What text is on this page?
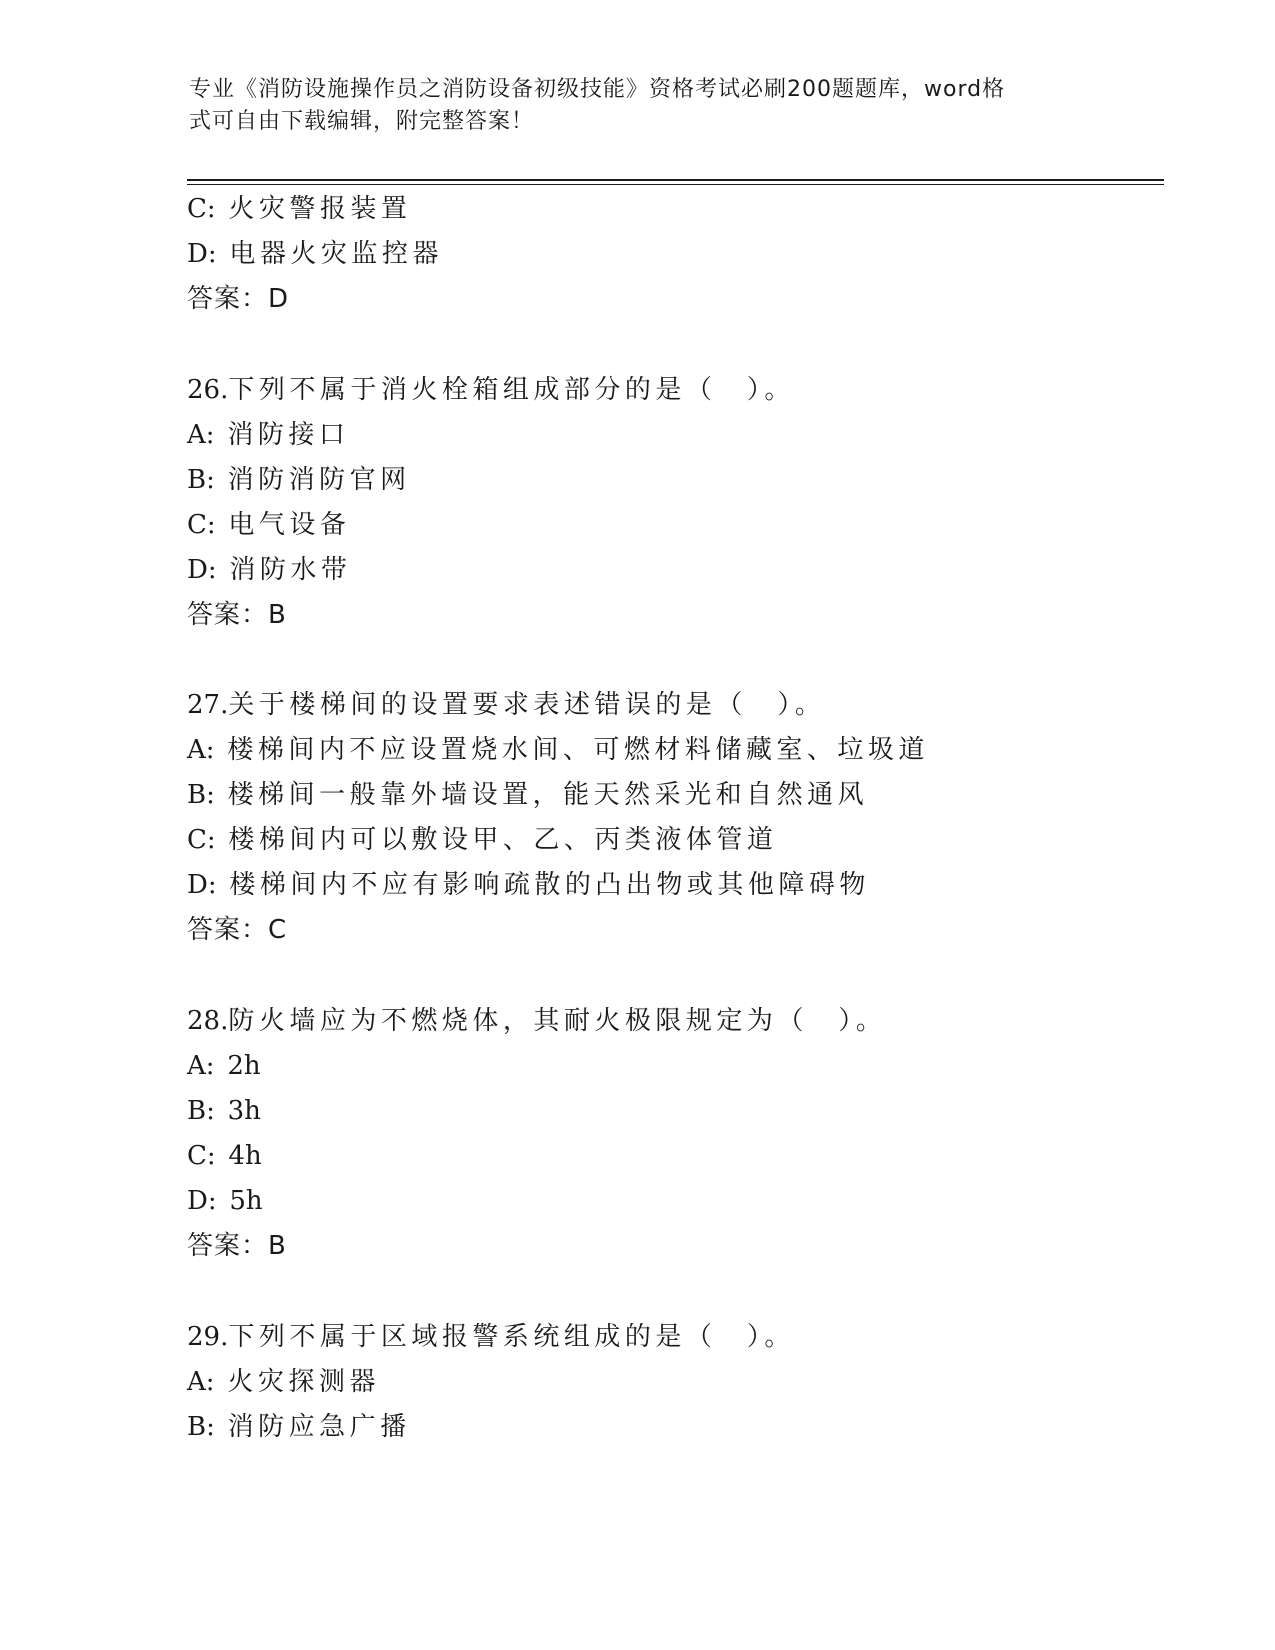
专业《消防设施操作员之消防设备初级技能》资格考试必刷200题题库，word格
式可自由下载编辑，附完整答案！
C: 火灾警报装置
D: 电器火灾监控器
答案：D
26.下列不属于消火栓箱组成部分的是（　）。
A: 消防接口
B: 消防消防官网
C: 电气设备
D: 消防水带
答案：B
27.关于楼梯间的设置要求表述错误的是（　）。
A: 楼梯间内不应设置烧水间、可燃材料储藏室、垃圾道
B: 楼梯间一般靠外墙设置，能天然采光和自然通风
C: 楼梯间内可以敷设甲、乙、丙类液体管道
D: 楼梯间内不应有影响疏散的凸出物或其他障碍物
答案：C
28.防火墙应为不燃烧体，其耐火极限规定为（　）。
A: 2h
B: 3h
C: 4h
D: 5h
答案：B
29.下列不属于区域报警系统组成的是（　）。
A: 火灾探测器
B: 消防应急广播
